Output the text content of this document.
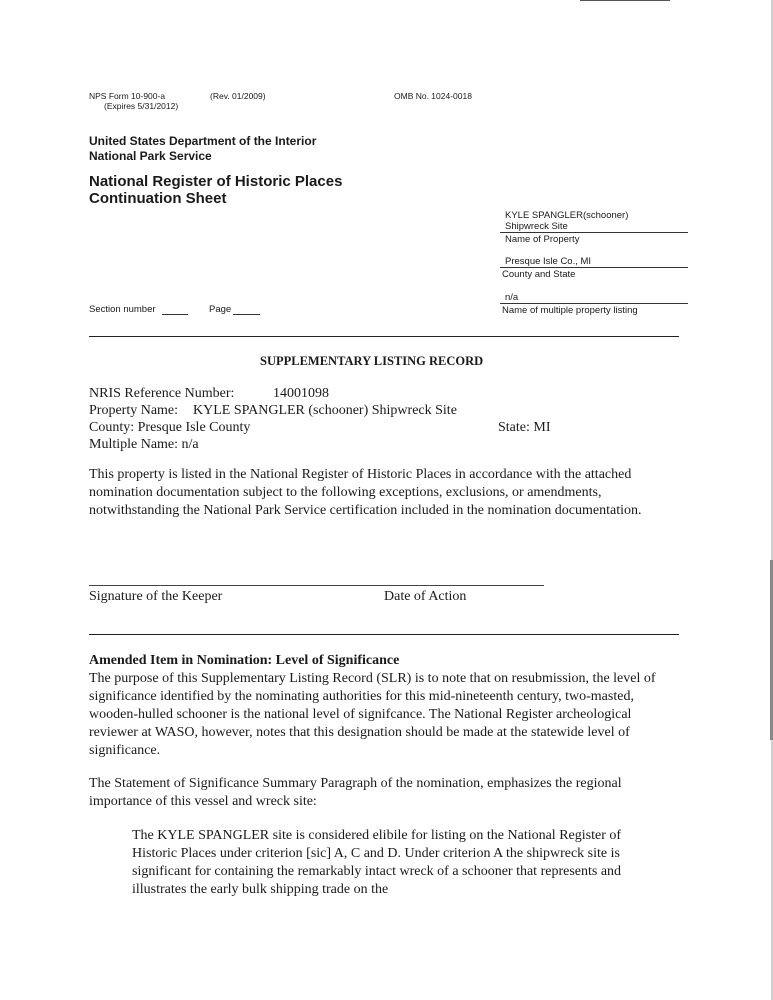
NPS Form 10-900-a	(Rev. 01/2009)
(Expires 5/31/2012)
OMB No. 1024-0018
United States Department of the Interior
National Park Service
National Register of Historic Places
Continuation Sheet
KYLE SPANGLER(schooner)
Shipwreck Site
Name of Property
Presque Isle Co., MI
County and State
n/a
Name of multiple property listing
Section number	Page
SUPPLEMENTARY LISTING RECORD
NRIS Reference Number:	14001098
Property Name: KYLE SPANGLER (schooner) Shipwreck Site
County: Presque Isle County	State: MI
Multiple Name: n/a
This property is listed in the National Register of Historic Places in accordance with the attached nomination documentation subject to the following exceptions, exclusions, or amendments, notwithstanding the National Park Service certification included in the nomination documentation.
Signature of the Keeper	Date of Action
Amended Item in Nomination: Level of Significance
The purpose of this Supplementary Listing Record (SLR) is to note that on resubmission, the level of significance identified by the nominating authorities for this mid-nineteenth century, two-masted, wooden-hulled schooner is the national level of signifcance. The National Register archeological reviewer at WASO, however, notes that this designation should be made at the statewide level of significance.
The Statement of Significance Summary Paragraph of the nomination, emphasizes the regional importance of this vessel and wreck site:
The KYLE SPANGLER site is considered elibile for listing on the National Register of Historic Places under criterion [sic] A, C and D. Under criterion A the shipwreck site is significant for containing the remarkably intact wreck of a schooner that represents and illustrates the early bulk shipping trade on the
